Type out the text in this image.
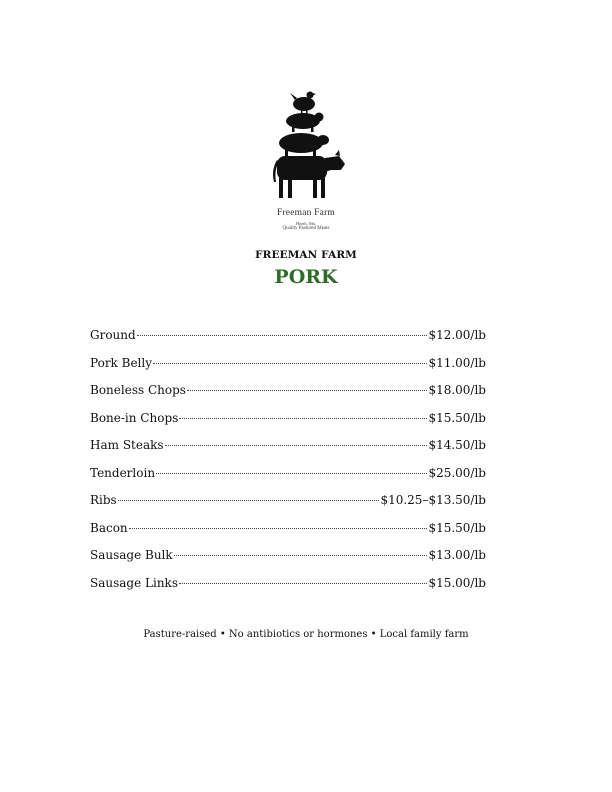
Freeman Farm
Heath, Ma.
Quality Pastured Meats
FREEMAN FARM
PORK
Ground	$12.00/lb
Pork Belly	$11.00/lb
Boneless Chops	$18.00/lb
Bone-in Chops	$15.50/lb
Ham Steaks	$14.50/lb
Tenderloin	$25.00/lb
Ribs	$10.25–$13.50/lb
Bacon	$15.50/lb
Sausage Bulk	$13.00/lb
Sausage Links	$15.00/lb
Pasture-raised • No antibiotics or hormones • Local family farm
